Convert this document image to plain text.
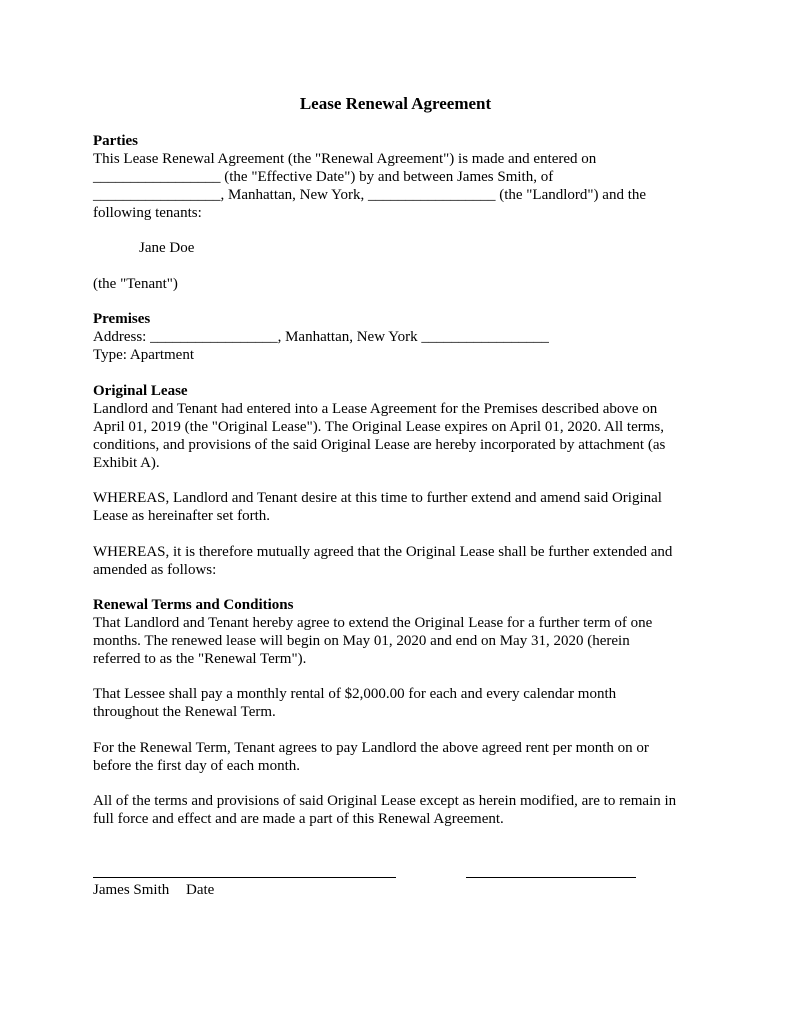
Lease Renewal Agreement
Parties
This Lease Renewal Agreement (the "Renewal Agreement") is made and entered on
_________________ (the "Effective Date") by and between James Smith, of
_________________, Manhattan, New York, _________________ (the "Landlord") and the
following tenants:
Jane Doe
(the "Tenant")
Premises
Address: _________________, Manhattan, New York _________________
Type: Apartment
Original Lease
Landlord and Tenant had entered into a Lease Agreement for the Premises described above on
April 01, 2019 (the "Original Lease"). The Original Lease expires on April 01, 2020. All terms,
conditions, and provisions of the said Original Lease are hereby incorporated by attachment (as
Exhibit A).
WHEREAS, Landlord and Tenant desire at this time to further extend and amend said Original
Lease as hereinafter set forth.
WHEREAS, it is therefore mutually agreed that the Original Lease shall be further extended and
amended as follows:
Renewal Terms and Conditions
That Landlord and Tenant hereby agree to extend the Original Lease for a further term of one
months. The renewed lease will begin on May 01, 2020 and end on May 31, 2020 (herein
referred to as the "Renewal Term").
That Lessee shall pay a monthly rental of $2,000.00 for each and every calendar month
throughout the Renewal Term.
For the Renewal Term, Tenant agrees to pay Landlord the above agreed rent per month on or
before the first day of each month.
All of the terms and provisions of said Original Lease except as herein modified, are to remain in
full force and effect and are made a part of this Renewal Agreement.
James Smith Date
